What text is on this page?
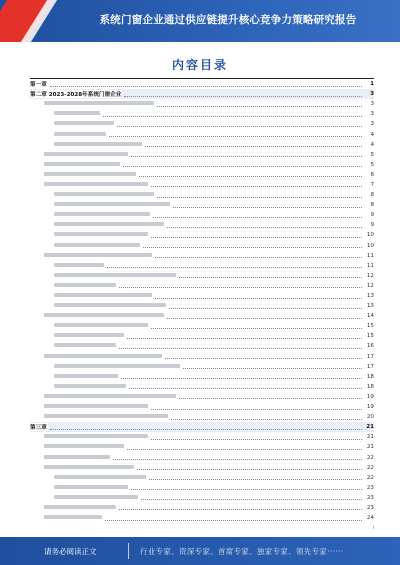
系统门窗企业通过供应链提升核心竞争力策略研究报告
内容目录
第一章	1
第二章 2023-2028年系统门窗企业	3
3
3
3
4
4
5
5
6
7
8
8
9
9
10
10
11
11
12
12
13
13
14
15
15
16
17
17
18
18
19
19
20
第三章	21
21
21
22
22
22
23
23
23
24
I
请务必阅读正文	行业专家、资深专家、首席专家、独家专家、领先专家······
